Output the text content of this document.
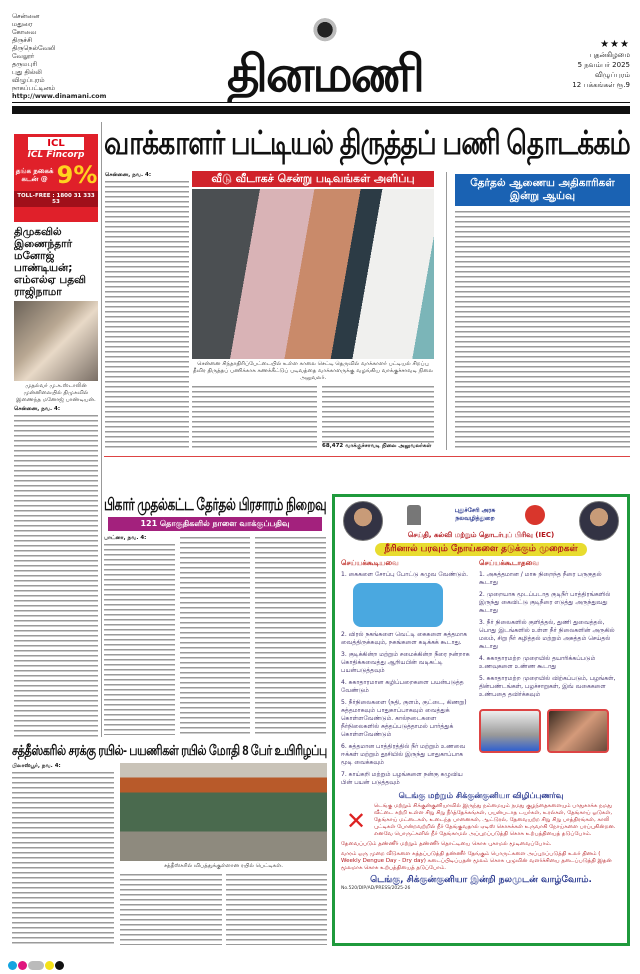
சென்னை
மதுரை
கோவை
திருச்சி
திருநெல்வேலி
வேலூர்
தருமபுரி
புது தில்லி
விழுப்புரம்
நாகப்பட்டினம்
http://www.dinamani.com	தினமணி	★★★
புதன்கிழமை
5 நவம்பர் 2025
விழுப்புரம்
12 பக்கங்கள் ரூ.9
ICL
ICL Fincorp
தங்க நகைக் கடன் @ 9%
TOLL-FREE : 1800 31 333 53
திமுகவில் இணைந்தார் மனோஜ் பாண்டியன்; எம்எல்ஏ பதவி ராஜிநாமா
முதல்வர் மு.க.ஸ்டாலின் முன்னிலையில் திமுகவில் இணைந்த மனோஜ் பாண்டியன்.
சென்னை, நவ. 4:
வாக்காளர் பட்டியல் திருத்தப் பணி தொடக்கம்
சென்னை, நவ. 4:	வீடு வீடாகச் சென்று படிவங்கள் அளிப்பு
சென்னை சிந்தாதிரிப்பேட்டையில் உள்ள காலை செட்டி தெருவில் வாக்காளர் பட்டியல் சிறப்பு தீவிர திருத்தப் பணிக்காக கணக்கீட்டுப் படிவத்தை வாக்காளருக்கு வழங்கிய வாக்குச்சாவடி நிலை அலுவலர்.
68,472 வாக்குச்சாவடி நிலை அலுவலர்கள்
தேர்தல் ஆணைய அதிகாரிகள் இன்று ஆய்வு
பிகார் முதல்கட்ட தேர்தல் பிரசாரம் நிறைவு
121 தொகுதிகளில் நாளை வாக்குப்பதிவு
பாட்னா, நவ. 4:
சத்தீஸ்கரில் சரக்கு ரயில்- பயணிகள் ரயில் மோதி 8 பேர் உயிரிழப்பு
பிலாஸ்பூர், நவ. 4:
சத்தீஸ்கரில் விபத்துக்குள்ளான ரயில் பெட்டிகள்.
புதுச்சேரி அரசு
நலவழித்துறை
செய்தி, கல்வி மற்றும் தொடர்புப் பிரிவு (IEC)
நீரினால் பரவும் நோய்களை தடுக்கும் முறைகள்
செய்யக்கூடியவை
1. கைகளை சோப்பு போட்டு கழுவ வேண்டும்.
2. விரல் நகங்களை வெட்டி கைகளை சுத்தமாக வைத்திருக்கவும், நகங்களை கடிக்கக் கூடாது.
3. குடிக்கின்ற மற்றும் சமைக்கின்ற நீரை நன்றாக கொதிக்கவைத்து ஆறியபின் வடிகட்டி பயன்படுத்தவும்
4. சுகாதாரமான கழிப்பறைகளை பயன்படுத்த வேண்டும்
5. நீர்நிலைகளை (நதி, குளம், குட்டை, கிணறு) சுத்தமாகவும் பாதுகாப்பாகவும் வைத்துக் கொள்ளவேண்டும். கால்நடைகளை நீர்நிலைகளில் சுத்தப்படுத்தாமல் பார்த்துக் கொள்ளவேண்டும்
6. சுத்தமான பாத்திரத்தில் நீர் மற்றும் உணவை ஈக்கள் மற்றும் தூசியில் இருந்து பாதுகாப்பாக மூடி வைக்கவும்
7. காய்கறி மற்றும் பழங்களை நன்கு கழுவிய பின் பயன் படுத்தவும்
செய்யக்கூடாதவை
1. அசுத்தமான / மாசு நிறைந்த நீரை பருகுதல் கூடாது
2. முறையாக மூடப்படாத குடிநீர் பாத்திரங்களில் இருந்து கைவிட்டு குடிநீரை எடுத்து அருந்துவது கூடாது
3. நீர் நிலைகளில் குளித்தல், துணி துவைத்தல், பொது இடங்களில் உள்ள நீர் நிலைகளின் அருகில் மலம், சிறு நீர் கழித்தல் மற்றும் அசுத்தம் செய்தல் கூடாது
4. சுகாதாரமற்ற முறையில் தயாரிக்கப்படும் உணவுகளை உண்ண கூடாது
5. சுகாதாரமற்ற முறையில் விற்கப்படும், பழங்கள், தின்பண்டங்கள், பழச்சாறுகள், இவ் வகைகளை உண்பதை தவிர்க்கவும்
டெங்கு மற்றும் சிக்குன்குனியா விழிப்புணர்வு
✕
டெங்கு மற்றும் சிக்குன்குனியாவில் இருந்து நம்மையும் நமது குழந்தைகளையும் பாதுகாக்க நமது வீட்டை சுற்றி உள்ள சிறு சிறு நீர்த்தேக்கங்கள், பயன்படாத டயர்கள், உரல்கள், தேங்காய் ஓடுகள், தேங்காய் மட்டைகள், உடைந்த பானைகள், ஆட்டுரல், தேவையற்ற சிறு சிறு பாத்திரங்கள், காலி புட்டிகள் போன்றவற்றில் நீர் தேங்குவதால் ஏடிஸ் கொசுக்கள் உருவாகி நோய்களை பரப்புகின்றன. எனவே பொருட்களில் நீர் தேங்காமல் அப்புறப்படுத்தி கொசு உற்பத்தியைத் தடுப்போம்.
தேவைப்படும் தண்ணீர் மற்றும் தண்ணீர் தொட்டியை கொசு புகாமல் மூடிவைப்போம்.
வாரம் ஒரு முறை வீடுகளை சுத்தப்படுத்தி தண்ணீர் தேங்கும் பொருட்களை அப்புறப்படுத்தி உலர் தினம் ( Weekly Dengue Day - Dry day) கடைப்பிடிப்பதன் மூலம் கொசு புழுவின் வளர்ச்சியை தடைப்படுத்தி இதன் மூலமாக கொசு உற்பத்தியைத் தடுப்போம்.
டெங்கு, சிக்குன்குனியா இன்றி நலமுடன் வாழ்வோம்.
No.520/DIP/AD/PRESS/2025-26
